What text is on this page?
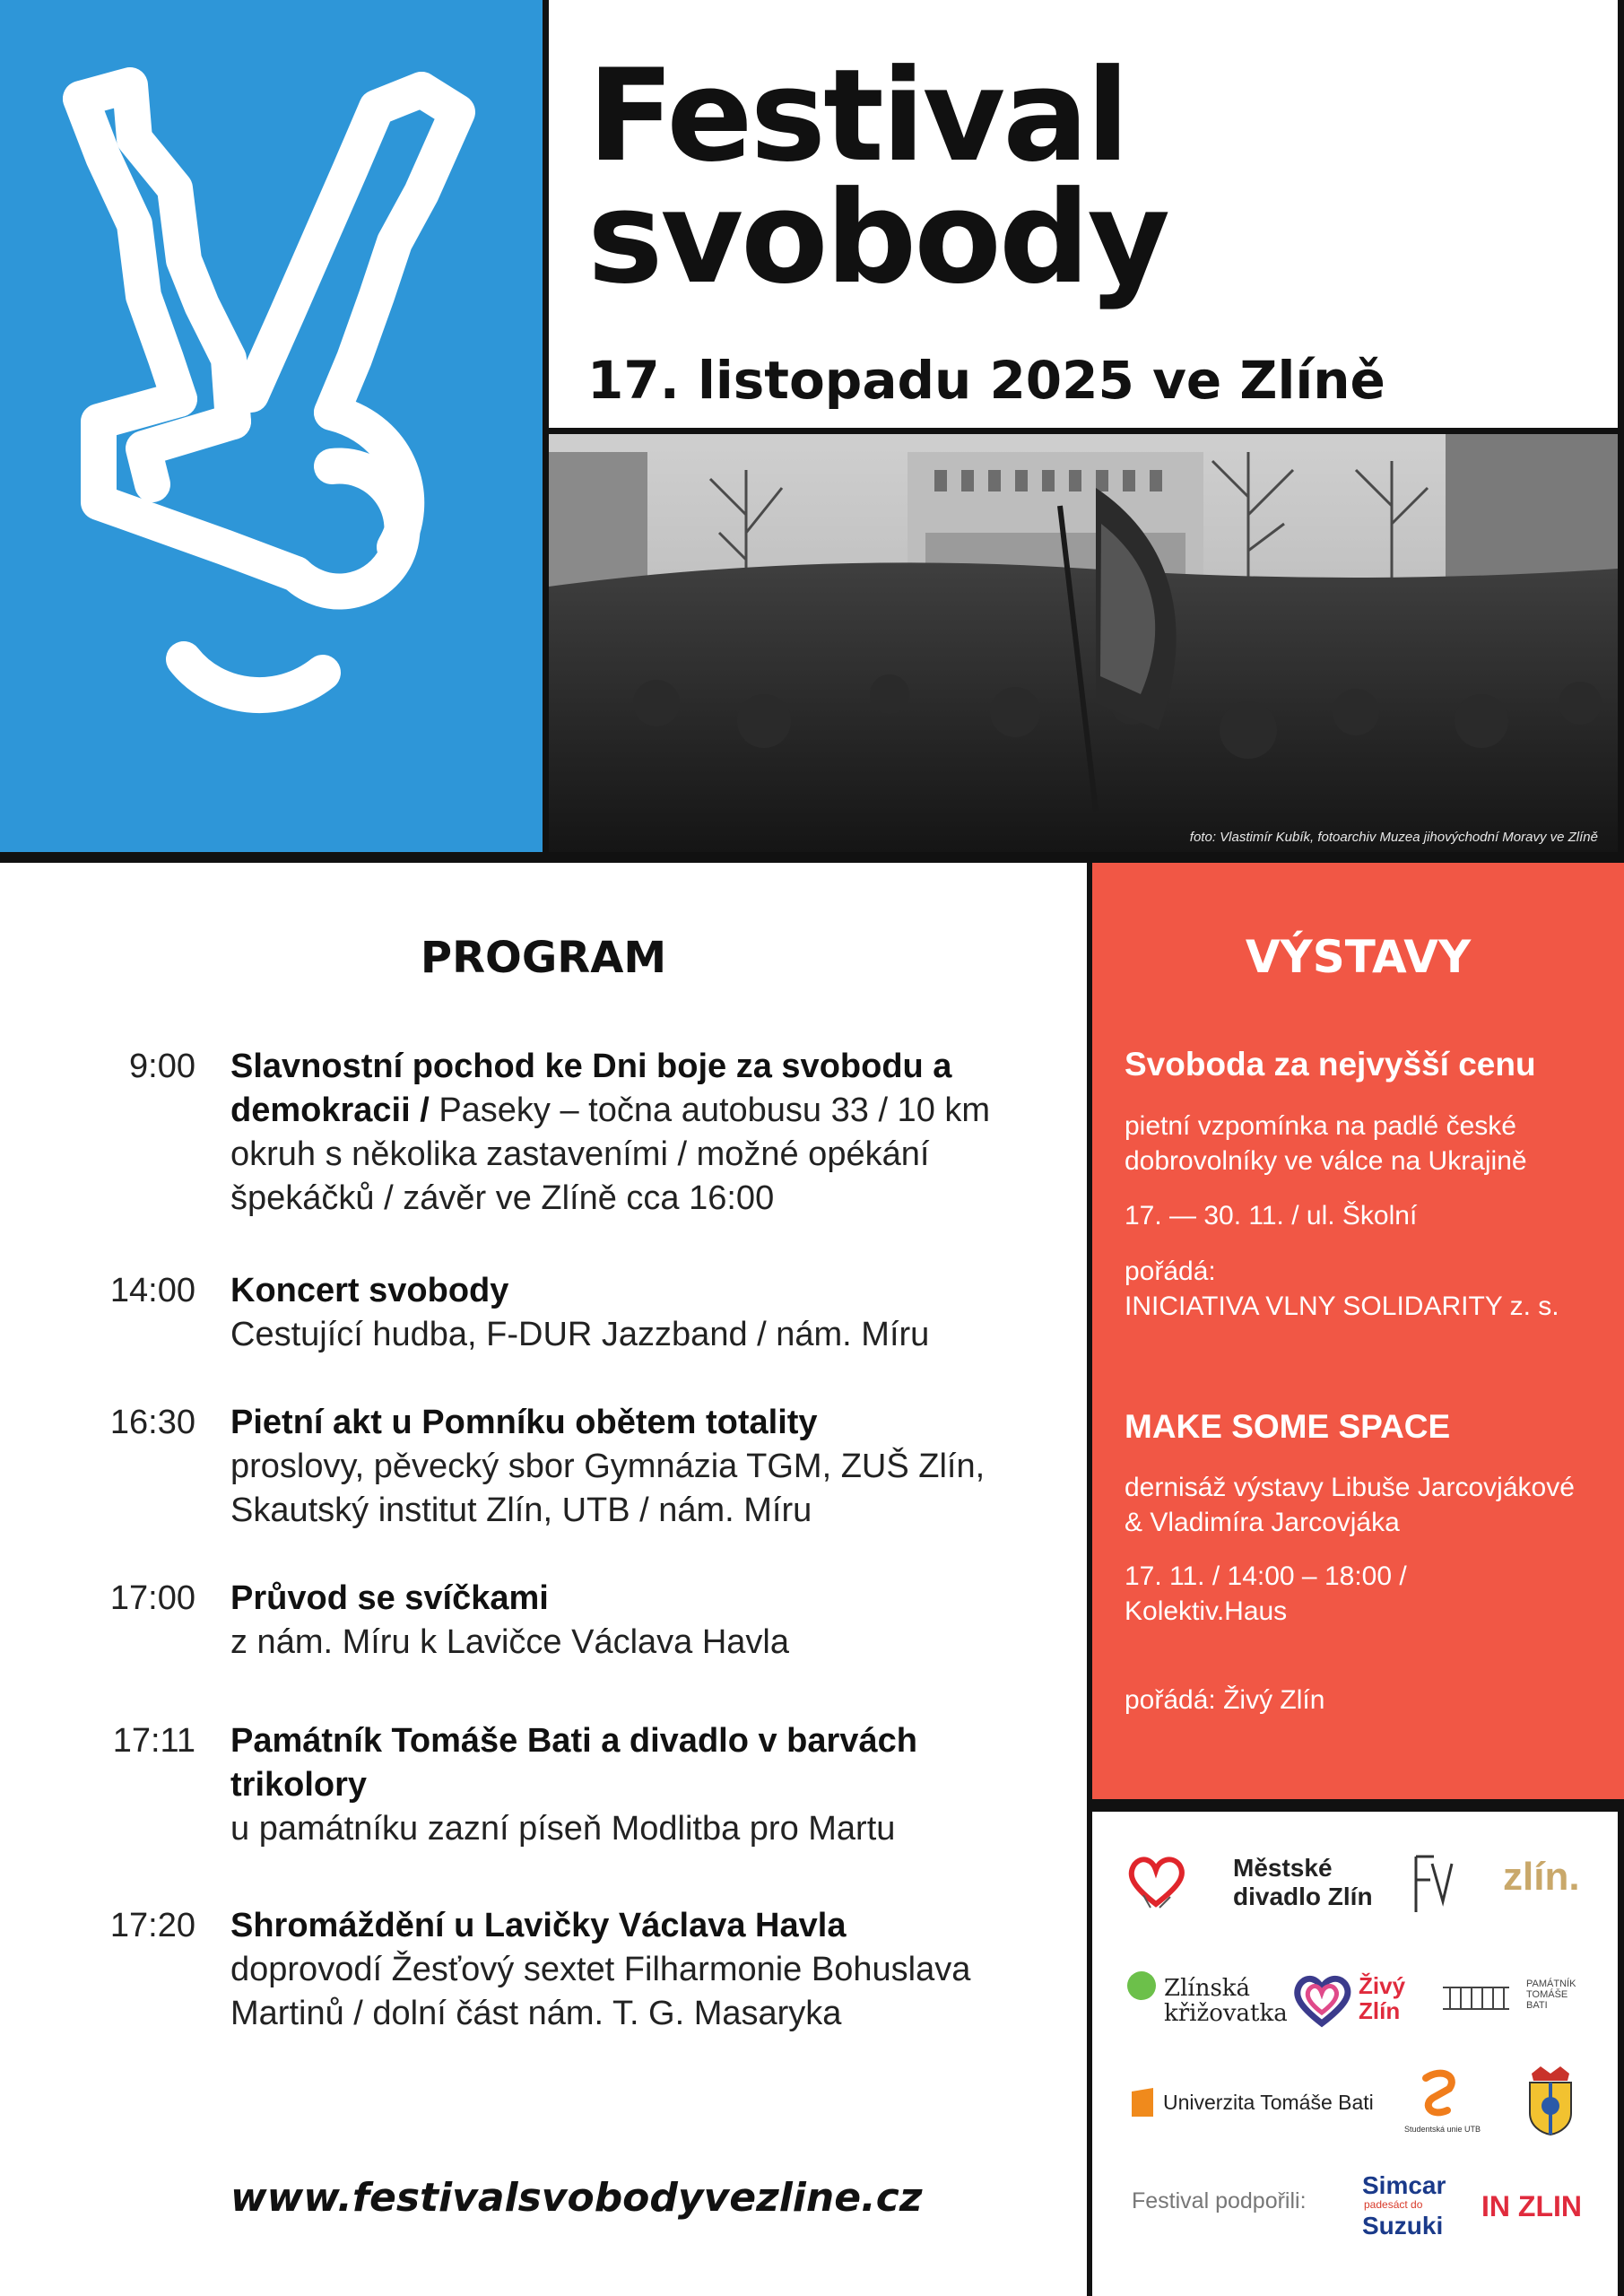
Festival
svobody
17. listopadu 2025 ve Zlíně
foto: Vlastimír Kubík, fotoarchiv Muzea jihovýchodní Moravy ve Zlíně
PROGRAM
9:00 Slavnostní pochod ke Dni boje za svobodu a demokracii / Paseky – točna autobusu 33 / 10 km okruh s několika zastaveními / možné opékání špekáčků / závěr ve Zlíně cca 16:00
14:00 Koncert svobody
Cestující hudba, F-DUR Jazzband / nám. Míru
16:30 Pietní akt u Pomníku obětem totality
proslovy, pěvecký sbor Gymnázia TGM, ZUŠ Zlín, Skautský institut Zlín, UTB / nám. Míru
17:00 Průvod se svíčkami
z nám. Míru k Lavičce Václava Havla
17:11 Památník Tomáše Bati a divadlo v barvách trikolory
u památníku zazní píseň Modlitba pro Martu
17:20 Shromáždění u Lavičky Václava Havla
doprovodí Žesťový sextet Filharmonie Bohuslava Martinů / dolní část nám. T. G. Masaryka
www.festivalsvobodyvezline.cz
VÝSTAVY
Svoboda za nejvyšší cenu
pietní vzpomínka na padlé české dobrovolníky ve válce na Ukrajině
17. — 30. 11. / ul. Školní
pořádá:
INICIATIVA VLNY SOLIDARITY z. s.
MAKE SOME SPACE
dernisáž výstavy Libuše Jarcovjákové & Vladimíra Jarcovjáka
17. 11. / 14:00 – 18:00 / Kolektiv.Haus
pořádá: Živý Zlín
Městské
divadlo Zlín	zlín.
Zlínská
křižovatka
Živý
Zlín
PAMÁTNÍK
TOMÁŠE
BATI
Univerzita Tomáše Bati
Studentská unie UTB
Festival podpořili:
Simcar
padesáct do
Suzuki
IN ZLIN
